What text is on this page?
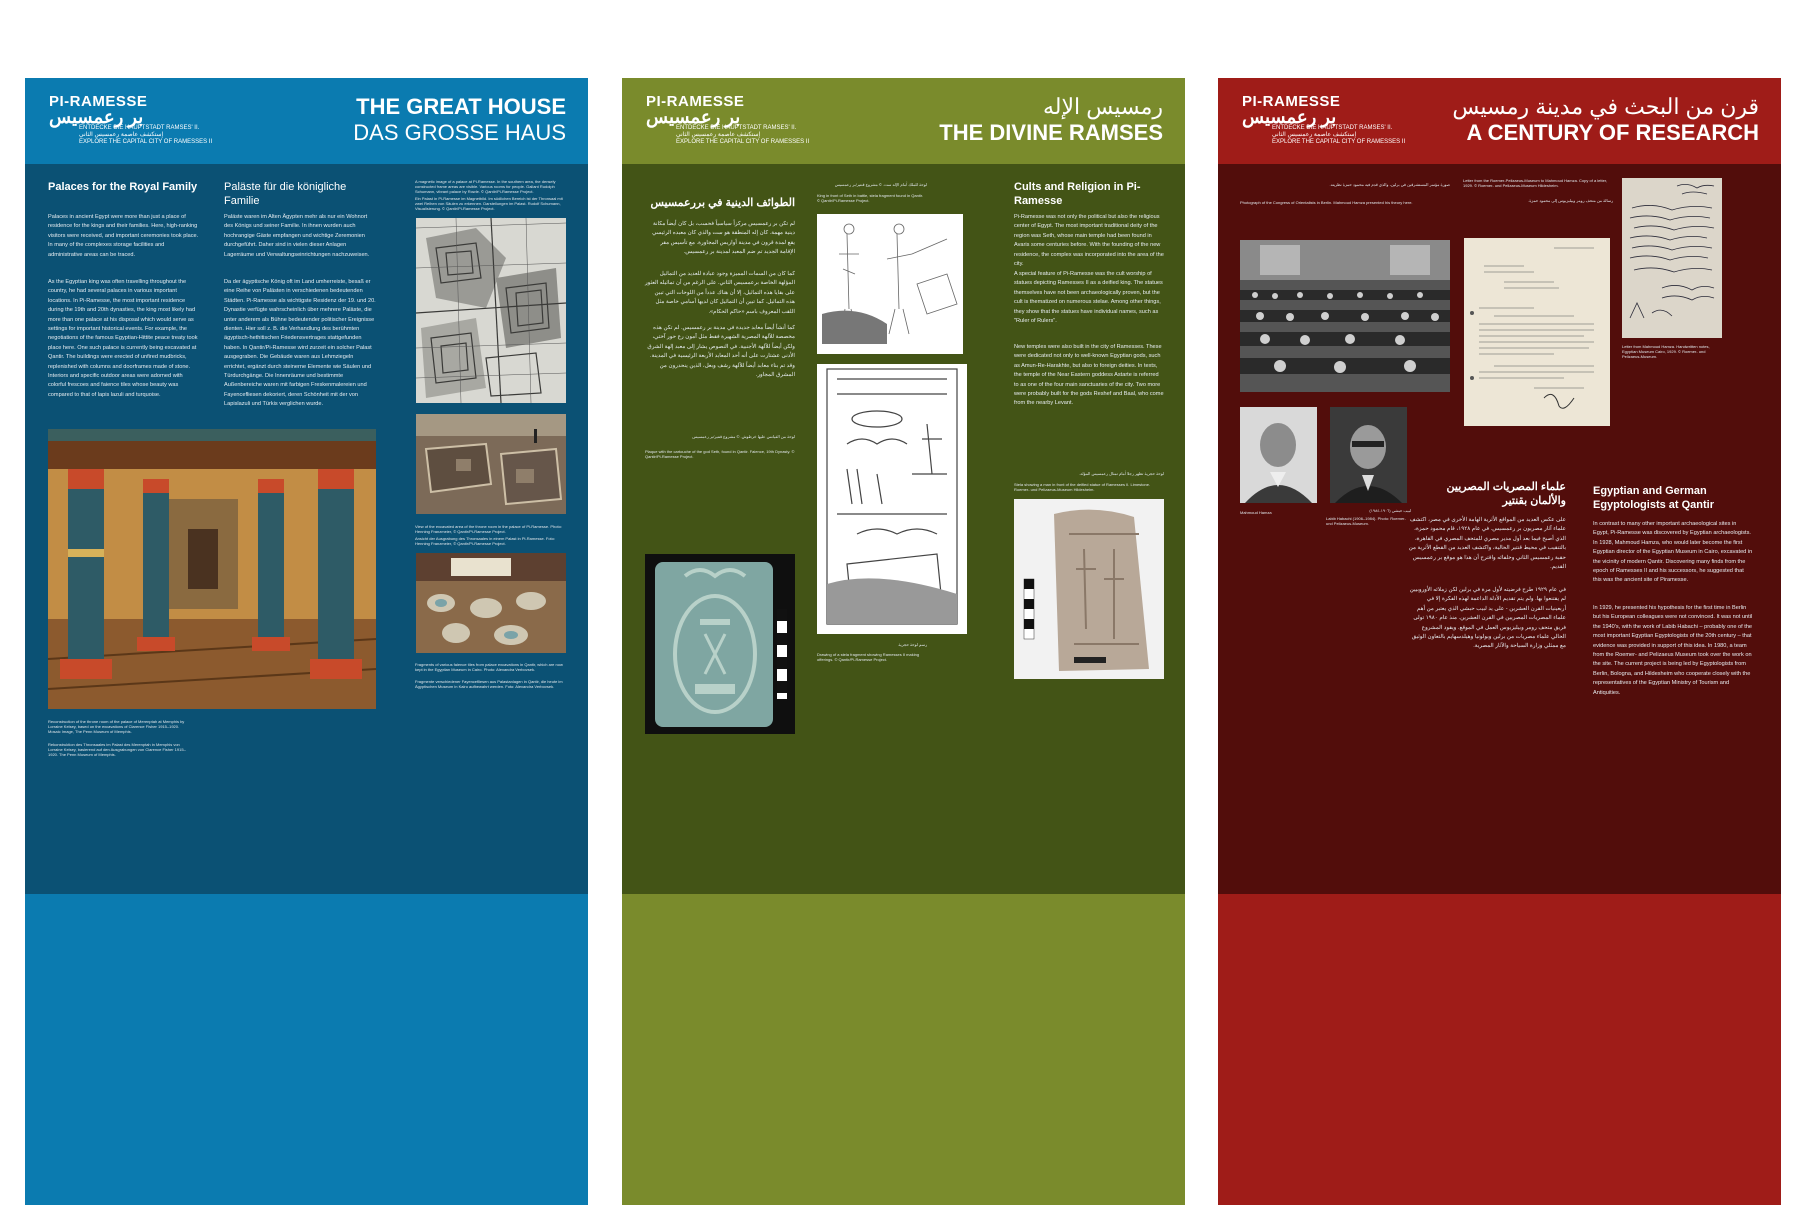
PI-RAMESSE
بر رعمسيس
ENTDECKE DIE HAUPTSTADT RAMSES' II.
إستكشف عاصمة رعمسيس الثاني
EXPLORE THE CAPITAL CITY OF RAMESSES II
THE GREAT HOUSE
DAS GROSSE HAUS
Palaces for the Royal Family Paläste für die königliche Familie
Palaces in ancient Egypt were more than just a place of residence for the kings and their families. Here, high-ranking visitors were received, and important ceremonies took place. In many of the complexes storage facilities and administrative areas can be traced.
As the Egyptian king was often travelling throughout the country, he had several palaces in various important locations. In Pi-Ramesse, the most important residence during the 19th and 20th dynasties, the king most likely had more than one palace at his disposal which would serve as settings for important historical events. For example, the negotiations of the famous Egyptian-Hittite peace treaty took place here. One such palace is currently being excavated at Qantir. The buildings were erected of unfired mudbricks, replenished with columns and doorframes made of stone. Interiors and specific outdoor areas were adorned with colorful frescoes and faience tiles whose beauty was compared to that of lapis lazuli and turquoise.
Paläste waren im Alten Ägypten mehr als nur ein Wohnort des Königs und seiner Familie. In ihnen wurden auch hochrangige Gäste empfangen und wichtige Zeremonien durchgeführt. Daher sind in vielen dieser Anlagen Lagerräume und Verwaltungseinrichtungen nachzuweisen.
Da der ägyptische König oft im Land umherreiste, besaß er eine Reihe von Palästen in verschiedenen bedeutenden Städten. Pi-Ramesse als wichtigste Residenz der 19. und 20. Dynastie verfügte wahrscheinlich über mehrere Paläste, die unter anderem als Bühne bedeutender politischer Ereignisse dienten. Hier soll z. B. die Verhandlung des berühmten ägyptisch-hethitischen Friedensvertrages stattgefunden haben. In Qantir/Pi-Ramesse wird zurzeit ein solcher Palast ausgegraben. Die Gebäude waren aus Lehmziegeln errichtet, ergänzt durch steinerne Elemente wie Säulen und Türdurchgänge. Die Innenräume und bestimmte Außenbereiche waren mit farbigen Freskenmalereien und Fayencefliesen dekoriert, deren Schönheit mit der von Lapislazuli und Türkis verglichen wurde.
A magnetic image of a palace at Pi-Ramesse. In the southern area, the densely constructed frame areas are visible. Various rooms for people. Gallant Rudolph Schumann, vibrant palace by Rowle. © Qantir/Pi-Ramesse Project.
Ein Palast in Pi-Ramesse im Magnetbild. Im südlichen Bereich ist der Thronsaal mit zwei Reihen von Säulen zu erkennen. Darstellungen im Palast. Rudolf Schumann, Visualisierung. © Qantir/Pi-Ramesse Project.
View of the excavated area of the throne room in the palace of Pi-Ramesse. Photo: Henning Franzmeier, © Qantir/Pi-Ramesse Project.
Ansicht der Ausgrabung des Thronsaales in einem Palast in Pi-Ramesse. Foto: Henning Franzmeier, © Qantir/Pi-Ramesse Project.
Fragments of various faience tiles from palace excavations in Qantir, which are now kept in the Egyptian Museum in Cairo. Photo: Alexandra Verbovsek.
Fragmente verschiedener Fayencefliesen aus Palastanlagen in Qantir, die heute im Ägyptischen Museum in Kairo aufbewahrt werden. Foto: Alexandra Verbovsek.
Reconstruction of the throne room of the palace of Merenptah at Memphis by Lorraine Kelsey, based on the excavations of Clarence Fisher 1915–1920. Mosaic Image, The Penn Museum of Memphis.
Rekonstruktion des Thronsaales im Palast des Merenptah in Memphis von Lorraine Kelsey, basierend auf den Ausgrabungen von Clarence Fisher 1915–1920. The Penn Museum of Memphis.
PI-RAMESSE
بر رعمسيس
ENTDECKE DIE HAUPTSTADT RAMSES' II.
إستكشف عاصمة رعمسيس الثاني
EXPLORE THE CAPITAL CITY OF RAMESSES II
رمسيس الإله
THE DIVINE RAMSES
الطوائف الدينية في بررعمسيس
لم تكن بر رعمسيس مركزاً سياسياً فحسب، بل كان أيضاً مكانة دينية مهمة. كان إله المنطقة هو ست والذي كان معبده الرئيسي يقع لمدة قرون في مدينة أواريس المجاورة. مع تأسيس مقر الإقامة الجديد تم ضم المعبد لمدينة بر رعمسيس.
كما كان من السمات المميزة وجود عبادة للعديد من التماثيل المؤلهة الخاصة برعمسيس الثاني. على الرغم من أن تماثيله العثور على بقايا هذه التماثيل، إلا أن هناك عدداً من اللوحات التي تبين هذه التماثيل. كما تبين أن التماثيل كان لديها أسامي خاصة مثل اللقب المعروف باسم «حاكم الحكام».
كما أنشأ أيضاً معابد جديدة في مدينة بر رعمسيس. لم تكن هذه مخصصة للآلهة المصرية الشهيرة فقط مثل آمون رع حور آختي، ولكن أيضاً للآلهة الأجنبية. في النصوص يشار إلى معبد إلهة الشرق الأدنى عشتارت على أنه أحد المعابد الأربعة الرئيسية في المدينة. وقد تم بناء معابد أيضاً للآلهة رشف وبعل، الذين ينحدرون من المشرق المجاور.
لوحة من الفيانس عليها خرطوش. © مشروع قنتير/بر رعمسيس
Plaque with the cartouche of the god Seth, found in Qantir. Faience, 19th Dynasty. © Qantir/Pi-Ramesse Project.
لوحة للملك أمام الإله ست. © مشروع قنتير/بر رعمسيس
King in front of Seth in battle, stela fragment found in Qantir. © Qantir/Pi-Ramesse Project.
رسم لوحة حجرية
Drawing of a stela fragment showing Ramesses II making offerings. © Qantir/Pi-Ramesse Project.
Cults and Religion in Pi-Ramesse
Pi-Ramesse was not only the political but also the religious center of Egypt. The most important traditional deity of the region was Seth, whose main temple had been found in Avaris some centuries before. With the founding of the new residence, the complex was incorporated into the area of the city.
A special feature of Pi-Ramesse was the cult worship of statues depicting Ramesses II as a deified king. The statues themselves have not been archaeologically proven, but the cult is thematized on numerous stelae. Among other things, they show that the statues have individual names, such as "Ruler of Rulers".
New temples were also built in the city of Ramesses. These were dedicated not only to well-known Egyptian gods, such as Amun-Re-Harakhte, but also to foreign deities. In texts, the temple of the Near Eastern goddess Astarte is referred to as one of the four main sanctuaries of the city. Two more were probably built for the gods Reshef and Baal, who come from the nearby Levant.
لوحة حجرية تظهر رجلا أمام تمثال رعمسيس المؤله.
Stela showing a man in front of the deified statue of Ramesses II. Limestone. Roemer- und Pelizaeus-Museum Hildesheim.
PI-RAMESSE
بر رعمسيس
ENTDECKE DIE HAUPTSTADT RAMSES' II.
إستكشف عاصمة رعمسيس الثاني
EXPLORE THE CAPITAL CITY OF RAMESSES II
قرن من البحث في مدينة رمسيس
A CENTURY OF RESEARCH
صورة مؤتمر المستشرقين في برلين، والذي قدم فيه محمود حمزة نظريته.
Photograph of the Congress of Orientalists in Berlin. Mahmoud Hamza presented his theory here.
Mahmoud Hamza	لبيب حبشي (١٩٠٦-١٩٨٤)
Labib Habachi (1906–1984). Photo: Roemer- und Pelizaeus-Museum.
Letter from the Roemer-Pelizaeus-Museum to Mahmoud Hamza. Copy of a letter, 1929. © Roemer- und Pelizaeus-Museum Hildesheim.
رسالة من متحف رومر وبيليزيوس إلى محمود حمزة.
Letter from Mahmoud Hamza. Handwritten notes, Egyptian Museum Cairo, 1929. © Roemer- und Pelizaeus-Museum.
علماء المصريات المصريين والألمان بقنتير
على عكس العديد من المواقع الأثرية الهامة الأخرى في مصر، اكتشف علماء آثار مصريون بر رعمسيس. في عام ١٩٢٨، قام محمود حمزة، الذي أصبح فيما بعد أول مدير مصري للمتحف المصري في القاهرة، بالتنقيب في محيط قنتير الحالية، واكتشف العديد من القطع الأثرية من حقبة رعمسيس الثاني وخلفائه واقترح أن هذا هو موقع بر رعمسيس القديم.
في عام ١٩٢٩ طرح فرضيته لأول مرة في برلين لكن زملائه الأوروبيين لم يقتنعوا بها. ولم يتم تقديم الأدلة الداعمة لهذه الفكرة إلا في أربعينيات القرن العشرين - على يد لبيب حبشي الذي يعتبر من أهم علماء المصريات المصريين في القرن العشرين. منذ عام ١٩٨٠ تولى فريق متحف رومر وبيليزيوس العمل في الموقع. ويقود المشروع الحالي علماء مصريات من برلين وبولونيا وهيلدسهايم بالتعاون الوثيق مع ممثلي وزارة السياحة والآثار المصرية.
Egyptian and German Egyptologists at Qantir
In contrast to many other important archaeological sites in Egypt, Pi-Ramesse was discovered by Egyptian archaeologists. In 1928, Mahmoud Hamza, who would later become the first Egyptian director of the Egyptian Museum in Cairo, excavated in the vicinity of modern Qantir. Discovering many finds from the epoch of Ramesses II and his successors, he suggested that this was the ancient site of Piramesse.
In 1929, he presented his hypothesis for the first time in Berlin but his European colleagues were not convinced. It was not until the 1940's, with the work of Labib Habachi – probably one of the most important Egyptian Egyptologists of the 20th century – that evidence was provided in support of this idea. In 1980, a team from the Roemer- and Pelizaeus Museum took over the work on the site. The current project is being led by Egyptologists from Berlin, Bologna, and Hildesheim who cooperate closely with the representatives of the Egyptian Ministry of Tourism and Antiquities.
